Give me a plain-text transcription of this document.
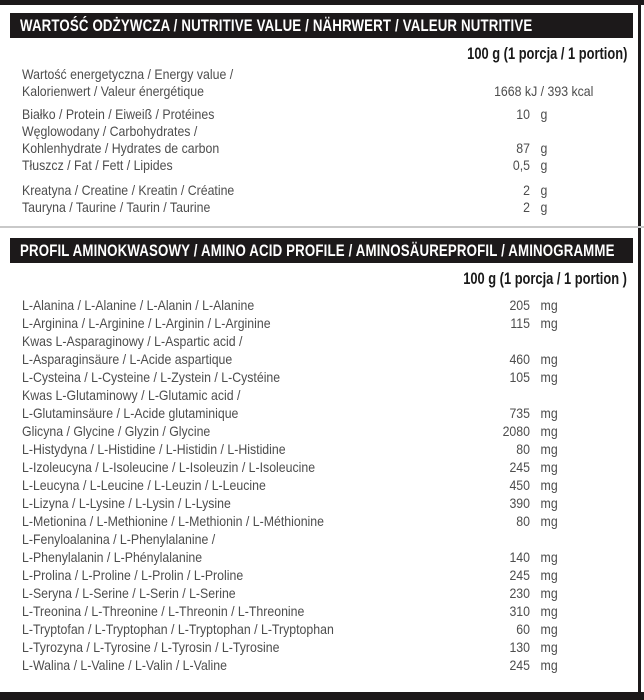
WARTOŚĆ ODŻYWCZA / NUTRITIVE VALUE / NÄHRWERT / VALEUR NUTRITIVE
100 g (1 porcja / 1 portion)
Wartość energetyczna / Energy value /
Kalorienwert / Valeur énergétique	1668 kJ / 393 kcal
Białko / Protein / Eiweiß / Protéines	10 g
Węglowodany / Carbohydrates /
Kohlenhydrate / Hydrates de carbon	87 g
Tłuszcz / Fat / Fett / Lipides	0,5 g
Kreatyna / Creatine / Kreatin / Créatine	2 g
Tauryna / Taurine / Taurin / Taurine	2 g
PROFIL AMINOKWASOWY / AMINO ACID PROFILE / AMINOSÄUREPROFIL / AMINOGRAMME
100 g (1 porcja / 1 portion )
L-Alanina / L-Alanine / L-Alanin / L-Alanine	205 mg
L-Arginina / L-Arginine / L-Arginin / L-Arginine	115 mg
Kwas L-Asparaginowy / L-Aspartic acid /
L-Asparaginsäure / L-Acide aspartique	460 mg
L-Cysteina / L-Cysteine / L-Zystein / L-Cystéine	105 mg
Kwas L-Glutaminowy / L-Glutamic acid /
L-Glutaminsäure / L-Acide glutaminique	735 mg
Glicyna / Glycine / Glyzin / Glycine	2080 mg
L-Histydyna / L-Histidine / L-Histidin / L-Histidine	80 mg
L-Izoleucyna / L-Isoleucine / L-Isoleuzin / L-Isoleucine	245 mg
L-Leucyna / L-Leucine / L-Leuzin / L-Leucine	450 mg
L-Lizyna / L-Lysine / L-Lysin / L-Lysine	390 mg
L-Metionina / L-Methionine / L-Methionin / L-Méthionine	80 mg
L-Fenyloalanina / L-Phenylalanine /
L-Phenylalanin / L-Phénylalanine	140 mg
L-Prolina / L-Proline / L-Prolin / L-Proline	245 mg
L-Seryna / L-Serine / L-Serin / L-Serine	230 mg
L-Treonina / L-Threonine / L-Threonin / L-Threonine	310 mg
L-Tryptofan / L-Tryptophan / L-Tryptophan / L-Tryptophan	60 mg
L-Tyrozyna / L-Tyrosine / L-Tyrosin / L-Tyrosine	130 mg
L-Walina / L-Valine / L-Valin / L-Valine	245 mg
